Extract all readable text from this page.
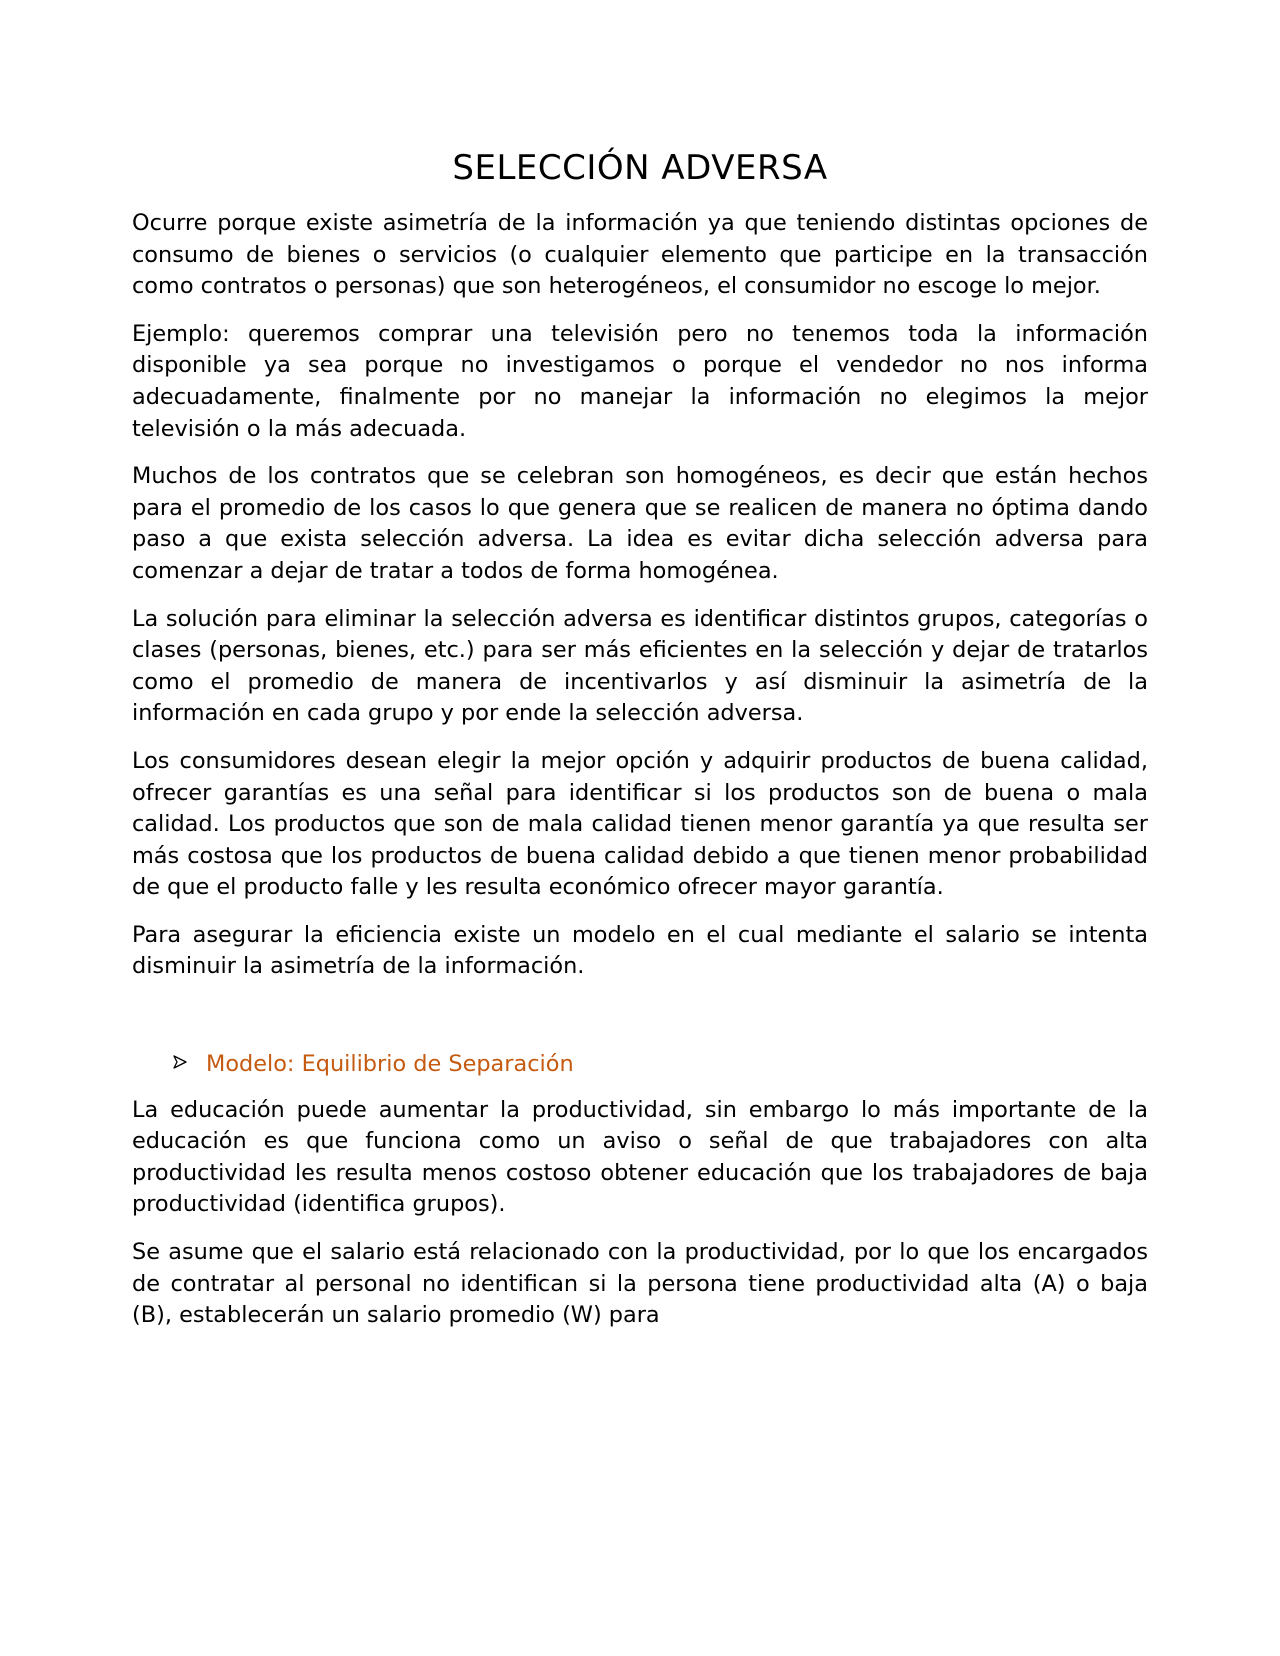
SELECCIÓN ADVERSA

Ocurre porque existe asimetría de la información ya que teniendo distintas opciones de consumo de bienes o servicios (o cualquier elemento que participe en la transacción como contratos o personas) que son heterogéneos, el consumidor no escoge lo mejor.

Ejemplo: queremos comprar una televisión pero no tenemos toda la información disponible ya sea porque no investigamos o porque el vendedor no nos informa adecuadamente, finalmente por no manejar la información no elegimos la mejor televisión o la más adecuada.

Muchos de los contratos que se celebran son homogéneos, es decir que están hechos para el promedio de los casos lo que genera que se realicen de manera no óptima dando paso a que exista selección adversa. La idea es evitar dicha selección adversa para comenzar a dejar de tratar a todos de forma homogénea.

La solución para eliminar la selección adversa es identificar distintos grupos, categorías o clases (personas, bienes, etc.) para ser más eficientes en la selección y dejar de tratarlos como el promedio de manera de incentivarlos y así disminuir la asimetría de la información en cada grupo y por ende la selección adversa.

Los consumidores desean elegir la mejor opción y adquirir productos de buena calidad, ofrecer garantías es una señal para identificar si los productos son de buena o mala calidad. Los productos que son de mala calidad tienen menor garantía ya que resulta ser más costosa que los productos de buena calidad debido a que tienen menor probabilidad de que el producto falle y les resulta económico ofrecer mayor garantía.

Para asegurar la eficiencia existe un modelo en el cual mediante el salario se intenta disminuir la asimetría de la información.

Modelo: Equilibrio de Separación

La educación puede aumentar la productividad, sin embargo lo más importante de la educación es que funciona como un aviso o señal de que trabajadores con alta productividad les resulta menos costoso obtener educación que los trabajadores de baja productividad (identifica grupos).

Se asume que el salario está relacionado con la productividad, por lo que los encargados de contratar al personal no identifican si la persona tiene productividad alta (A) o baja (B), establecerán un salario promedio (W) para
